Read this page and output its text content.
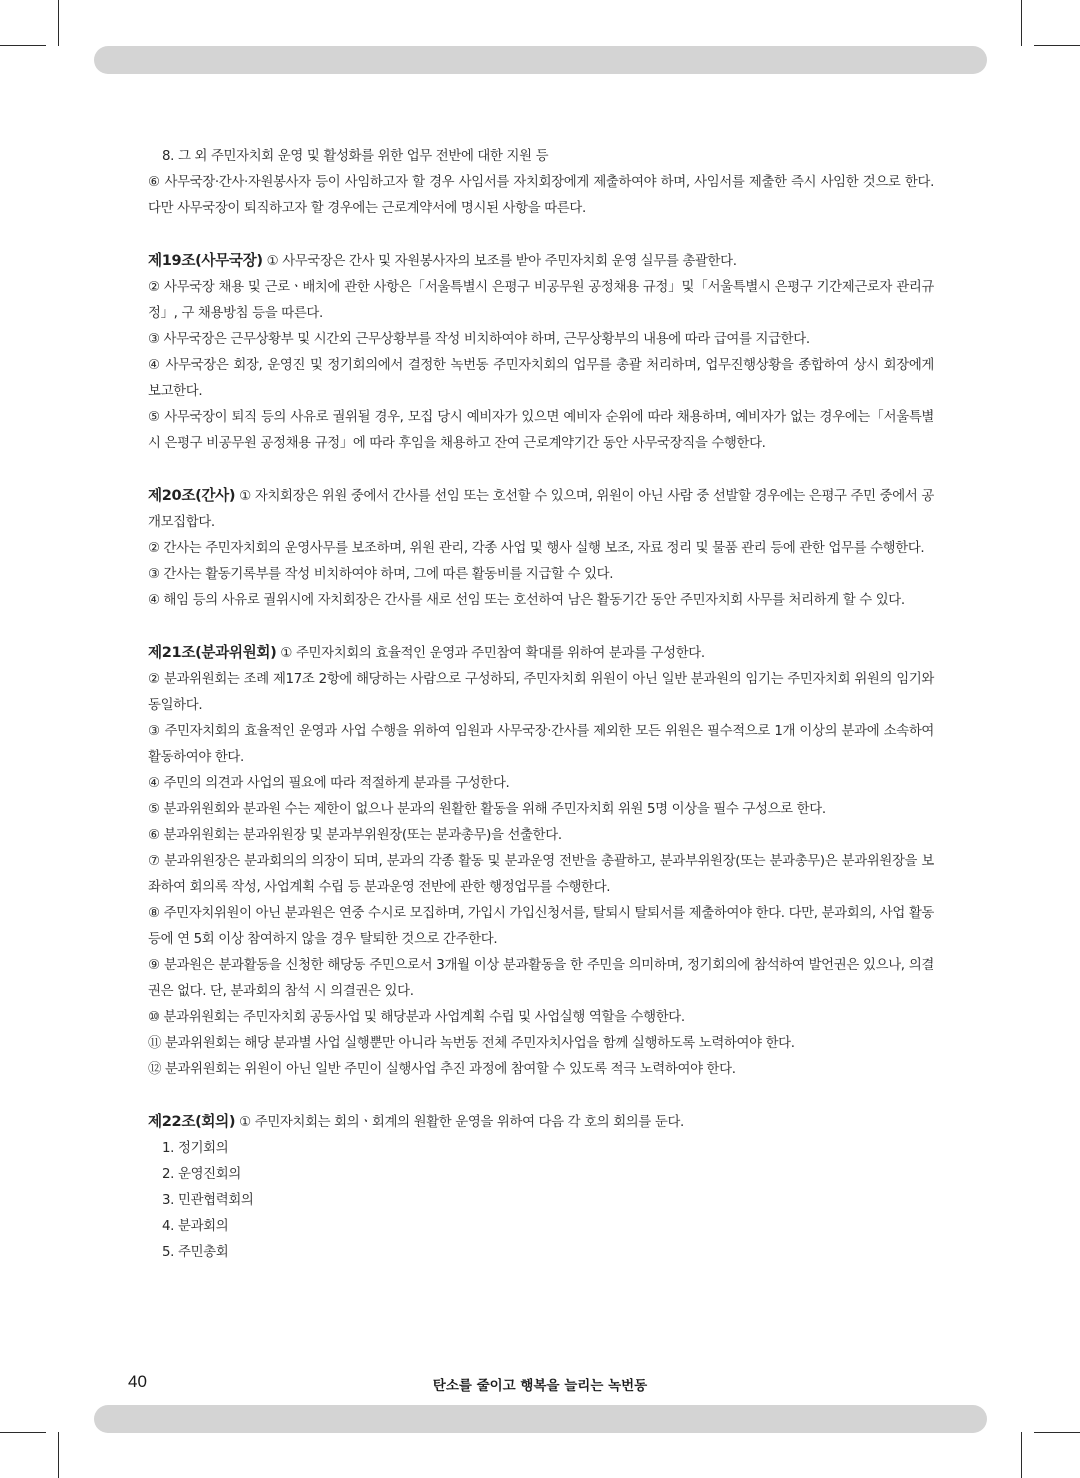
8. 그 외 주민자치회 운영 및 활성화를 위한 업무 전반에 대한 지원 등

⑥ 사무국장·간사·자원봉사자 등이 사임하고자 할 경우 사임서를 자치회장에게 제출하여야 하며, 사임서를 제출한 즉시 사임한 것으로 한다. 다만 사무국장이 퇴직하고자 할 경우에는 근로계약서에 명시된 사항을 따른다.

제19조(사무국장) ① 사무국장은 간사 및 자원봉사자의 보조를 받아 주민자치회 운영 실무를 총괄한다.

② 사무국장 채용 및 근로ㆍ배치에 관한 사항은「서울특별시 은평구 비공무원 공정채용 규정」및「서울특별시 은평구 기간제근로자 관리규정」, 구 채용방침 등을 따른다.

③ 사무국장은 근무상황부 및 시간외 근무상황부를 작성 비치하여야 하며, 근무상황부의 내용에 따라 급여를 지급한다.

④ 사무국장은 회장, 운영진 및 정기회의에서 결정한 녹번동 주민자치회의 업무를 총괄 처리하며, 업무진행상황을 종합하여 상시 회장에게 보고한다.

⑤ 사무국장이 퇴직 등의 사유로 궐위될 경우, 모집 당시 예비자가 있으면 예비자 순위에 따라 채용하며, 예비자가 없는 경우에는「서울특별시 은평구 비공무원 공정채용 규정」에 따라 후임을 채용하고 잔여 근로계약기간 동안 사무국장직을 수행한다.

제20조(간사) ① 자치회장은 위원 중에서 간사를 선임 또는 호선할 수 있으며, 위원이 아닌 사람 중 선발할 경우에는 은평구 주민 중에서 공개모집합다.

② 간사는 주민자치회의 운영사무를 보조하며, 위원 관리, 각종 사업 및 행사 실행 보조, 자료 정리 및 물품 관리 등에 관한 업무를 수행한다.

③ 간사는 활동기록부를 작성 비치하여야 하며, 그에 따른 활동비를 지급할 수 있다.

④ 해임 등의 사유로 궐위시에 자치회장은 간사를 새로 선임 또는 호선하여 남은 활동기간 동안 주민자치회 사무를 처리하게 할 수 있다.

제21조(분과위원회) ① 주민자치회의 효율적인 운영과 주민참여 확대를 위하여 분과를 구성한다.

② 분과위원회는 조례 제17조 2항에 해당하는 사람으로 구성하되, 주민자치회 위원이 아닌 일반 분과원의 임기는 주민자치회 위원의 임기와 동일하다.

③ 주민자치회의 효율적인 운영과 사업 수행을 위하여 임원과 사무국장·간사를 제외한 모든 위원은 필수적으로 1개 이상의 분과에 소속하여 활동하여야 한다.

④ 주민의 의견과 사업의 필요에 따라 적절하게 분과를 구성한다.

⑤ 분과위원회와 분과원 수는 제한이 없으나 분과의 원활한 활동을 위해 주민자치회 위원 5명 이상을 필수 구성으로 한다.

⑥ 분과위원회는 분과위원장 및 분과부위원장(또는 분과총무)을 선출한다.

⑦ 분과위원장은 분과회의의 의장이 되며, 분과의 각종 활동 및 분과운영 전반을 총괄하고, 분과부위원장(또는 분과총무)은 분과위원장을 보좌하여 회의록 작성, 사업계획 수립 등 분과운영 전반에 관한 행정업무를 수행한다.

⑧ 주민자치위원이 아닌 분과원은 연중 수시로 모집하며, 가입시 가입신청서를, 탈퇴시 탈퇴서를 제출하여야 한다. 다만, 분과회의, 사업 활동 등에 연 5회 이상 참여하지 않을 경우 탈퇴한 것으로 간주한다.

⑨ 분과원은 분과활동을 신청한 해당동 주민으로서 3개월 이상 분과활동을 한 주민을 의미하며, 정기회의에 참석하여 발언권은 있으나, 의결권은 없다. 단, 분과회의 참석 시 의결권은 있다.

⑩ 분과위원회는 주민자치회 공동사업 및 해당분과 사업계획 수립 및 사업실행 역할을 수행한다.

⑪ 분과위원회는 해당 분과별 사업 실행뿐만 아니라 녹번동 전체 주민자치사업을 함께 실행하도록 노력하여야 한다.

⑫ 분과위원회는 위원이 아닌 일반 주민이 실행사업 추진 과정에 참여할 수 있도록 적극 노력하여야 한다.

제22조(회의) ① 주민자치회는 회의ㆍ회계의 원활한 운영을 위하여 다음 각 호의 회의를 둔다.

1. 정기회의

2. 운영진회의

3. 민관협력회의

4. 분과회의

5. 주민총회

40	탄소를 줄이고 행복을 늘리는 녹번동
